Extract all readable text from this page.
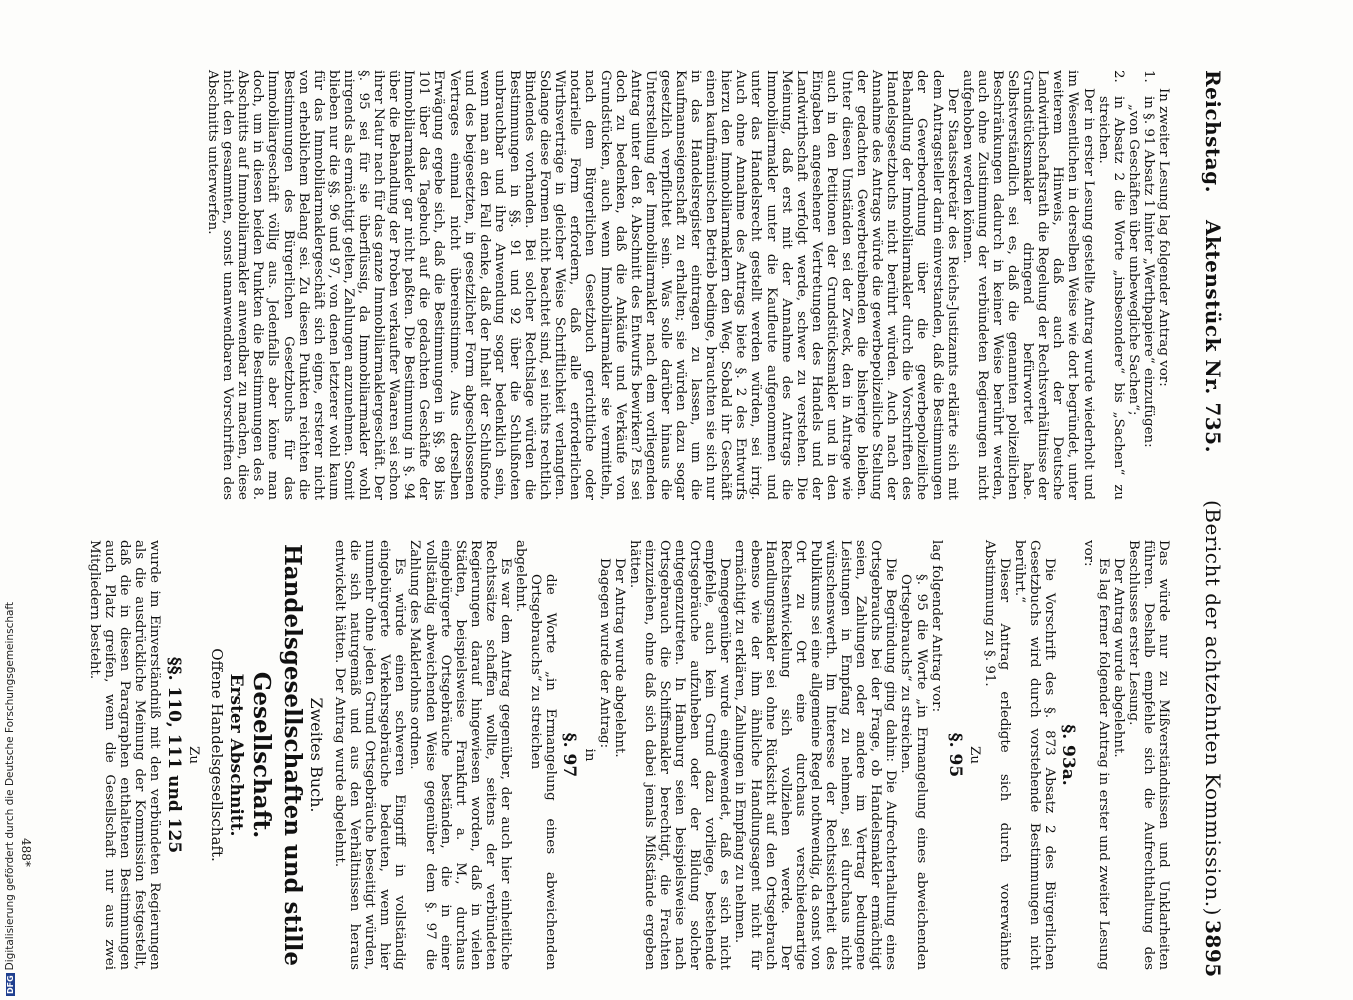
Reichstag.
Aktenstück Nr. 735.
(Bericht der achtzehnten Kommission.)
3895

In zweiter Lesung lag folgender Antrag vor:

1.
in §. 91 Absatz 1 hinter „Werthpapiere“ einzufügen:

„von Geschäften über unbewegliche Sachen“;

2.
in Absatz 2 die Worte „insbesondere“ bis „Sachen“ zu streichen.

Der in erster Lesung gestellte Antrag wurde wiederholt und im Wesentlichen in derselben Weise wie dort begründet, unter weiterem Hinweis, daß auch der Deutsche Landwirthschaftsrath die Regelung der Rechtsverhältnisse der Grundstücksmakler dringend befürwortet habe. Selbstverständlich sei es, daß die genannten polizeilichen Beschränkungen dadurch in keiner Weise berührt werden, auch ohne Zustimmung der verbündeten Regierungen nicht aufgehoben werden können.

Der Staatssekretär des Reichs-Justizamts erklärte sich mit dem Antragsteller darin einverstanden, daß die Bestimmungen der Gewerbeordnung über die gewerbepolizeiliche Behandlung der Immobiliarmakler durch die Vorschriften des Handelsgesetzbuchs nicht berührt würden. Auch nach der Annahme des Antrags würde die gewerbepolizeiliche Stellung der gedachten Gewerbetreibenden die bisherige bleiben. Unter diesen Umständen sei der Zweck, den in Antrage wie auch in den Petitionen der Grundstücksmakler und in den Eingaben angesehener Vertretungen des Handels und der Landwirthschaft verfolgt werde, schwer zu verstehen. Die Meinung, daß erst mit der Annahme des Antrags die Immobiliarmakler unter die Kaufleute aufgenommen und unter das Handelsrecht gestellt werden würden, sei irrig. Auch ohne Annahme des Antrags biete §. 2 des Entwurfs hierzu den Immobiliarmaklern den Weg. Sobald ihr Geschäft einen kaufmännischen Betrieb bedinge, brauchten sie sich nur in das Handelsregister eintragen zu lassen, um die Kaufmannseigenschaft zu erhalten; sie würden dazu sogar gesetzlich verpflichtet sein. Was solle darüber hinaus die Unterstellung der Immobiliarmakler nach dem vorliegenden Antrag unter den 8. Abschnitt des Entwurfs bewirken? Es sei doch zu bedenken, daß die Ankäufe und Verkäufe von Grundstücken, auch wenn Immobiliarmakler sie vermitteln, nach dem Bürgerlichen Gesetzbuch gerichtliche oder notarielle Form erfordern, daß alle erforderlichen Wirthsverträge in gleicher Weise Schriftlichkeit verlangten. Solange diese Formen nicht beachtet sind, sei nichts rechtlich Bindendes vorhanden. Bei solcher Rechtslage würden die Bestimmungen in §§. 91 und 92 über die Schlußnoten unbrauchbar und ihre Anwendung sogar bedenklich sein, wenn man an den Fall denke, daß der Inhalt der Schlußnote und des beigesetzten, in gesetzlicher Form abgeschlossenen Vertrages einmal nicht übereinstimme. Aus derselben Erwägung ergebe sich, daß die Bestimmungen in §§. 98 bis 101 über das Tagebuch auf die gedachten Geschäfte der Immobiliarmakler gar nicht paßten. Die Bestimmung in §. 94 über die Behandlung der Proben verkaufter Waaren sei schon ihrer Natur nach für das ganze Immobiliarmaklergeschäft. Der §. 95 sei für sie überflüssig, da Immobiliarmakler wohl nirgends als ermächtigt gelten, Zahlungen anzunehmen. Somit blieben nur die §§. 96 und 97, von denen letzterer wohl kaum für das Immobiliarmaklergeschäft sich eigne, ersterer nicht von erheblichem Belang sei. Zu diesen Punkten reichten die Bestimmungen des Bürgerlichen Gesetzbuchs für das Immobiliargeschäft völlig aus. Jedenfalls aber könne man doch, um in diesen beiden Punkten die Bestimmungen des 8. Abschnitts auf Immobiliarmakler anwendbar zu machen, diese nicht den gesammten, sonst unanwendbaren Vorschriften des Abschnitts unterwerfen.

Das würde nur zu Mißverständnissen und Unklarheiten führen. Deshalb empfehle sich die Aufrechthaltung des Beschlusses erster Lesung.

Der Antrag wurde abgelehnt.

Es lag ferner folgender Antrag in erster und zweiter Lesung vor:

§. 93a.

Die Vorschrift des §. 873 Absatz 2 des Bürgerlichen Gesetzbuchs wird durch vorstehende Bestimmungen nicht berührt.“

Dieser Antrag erledigte sich durch vorerwähnte Abstimmung zu §. 91.

Zu

§. 95

lag folgender Antrag vor:

§. 95 die Worte „in Ermangelung eines abweichenden Ortsgebrauchs“ zu streichen.

Die Begründung ging dahin: Die Aufrechterhaltung eines Ortsgebrauchs bei der Frage, ob Handelsmakler ermächtigt seien, Zahlungen oder andere im Vertrag bedungene Leistungen in Empfang zu nehmen, sei durchaus nicht wünschenswerth. Im Interesse der Rechtssicherheit des Publikums sei eine allgemeine Regel nothwendig, da sonst von Ort zu Ort eine durchaus verschiedenartige Rechtsentwickelung sich vollziehen werde. Der Handlungsmakler sei ohne Rücksicht auf den Ortsgebrauch ebenso wie der ihm ähnliche Handlungsagent nicht für ermächtigt zu erklären, Zahlungen in Empfang zu nehmen.

Demgegenüber wurde eingewendet, daß es sich nicht empfehle, auch kein Grund dazu vorliege, bestehende Ortsgebräuche aufzuheben oder der Bildung solcher entgegenzutreten. In Hamburg seien beispielsweise nach Ortsgebrauch die Schiffsmakler berechtigt, die Frachten einzuziehen, ohne daß sich dabei jemals Mißstände ergeben hätten.

Der Antrag wurde abgelehnt.

Dagegen wurde der Antrag:

in

§. 97

die Worte „in Ermangelung eines abweichenden Ortsgebrauchs“ zu streichen

abgelehnt.

Es war dem Antrag gegenüber, der auch hier einheitliche Rechtssätze schaffen wollte, seitens der verbündeten Regierungen darauf hingewiesen worden, daß in vielen Städten, beispielsweise Frankfurt a. M., durchaus eingebürgerte Ortsgebräuche beständen, die in einer vollständig abweichenden Weise gegenüber dem §. 97 die Zahlung des Maklerlohns ordnen.

Es würde einen schweren Eingriff in vollständig eingebürgerte Verkehrsgebräuche bedeuten, wenn hier nunmehr ohne jeden Grund Ortsgebräuche beseitigt würden, die sich naturgemäß und aus den Verhältnissen heraus entwickelt hätten. Der Antrag wurde abgelehnt.

Zweites Buch.
Handelsgesellschaften und stille
Gesellschaft.
Erster Abschnitt.
Offene Handelsgesellschaft.

Zu

§§. 110, 111 und 125

wurde im Einverständniß mit den verbündeten Regierungen als die ausdrückliche Meinung der Kommission festgestellt, daß die in diesen Paragraphen enthaltenen Bestimmungen auch Platz greifen, wenn die Gesellschaft nur aus zwei Mitgliedern besteht.

488*
DFGDigitalisierung gefördert durch die Deutsche Forschungsgemeinschaft
